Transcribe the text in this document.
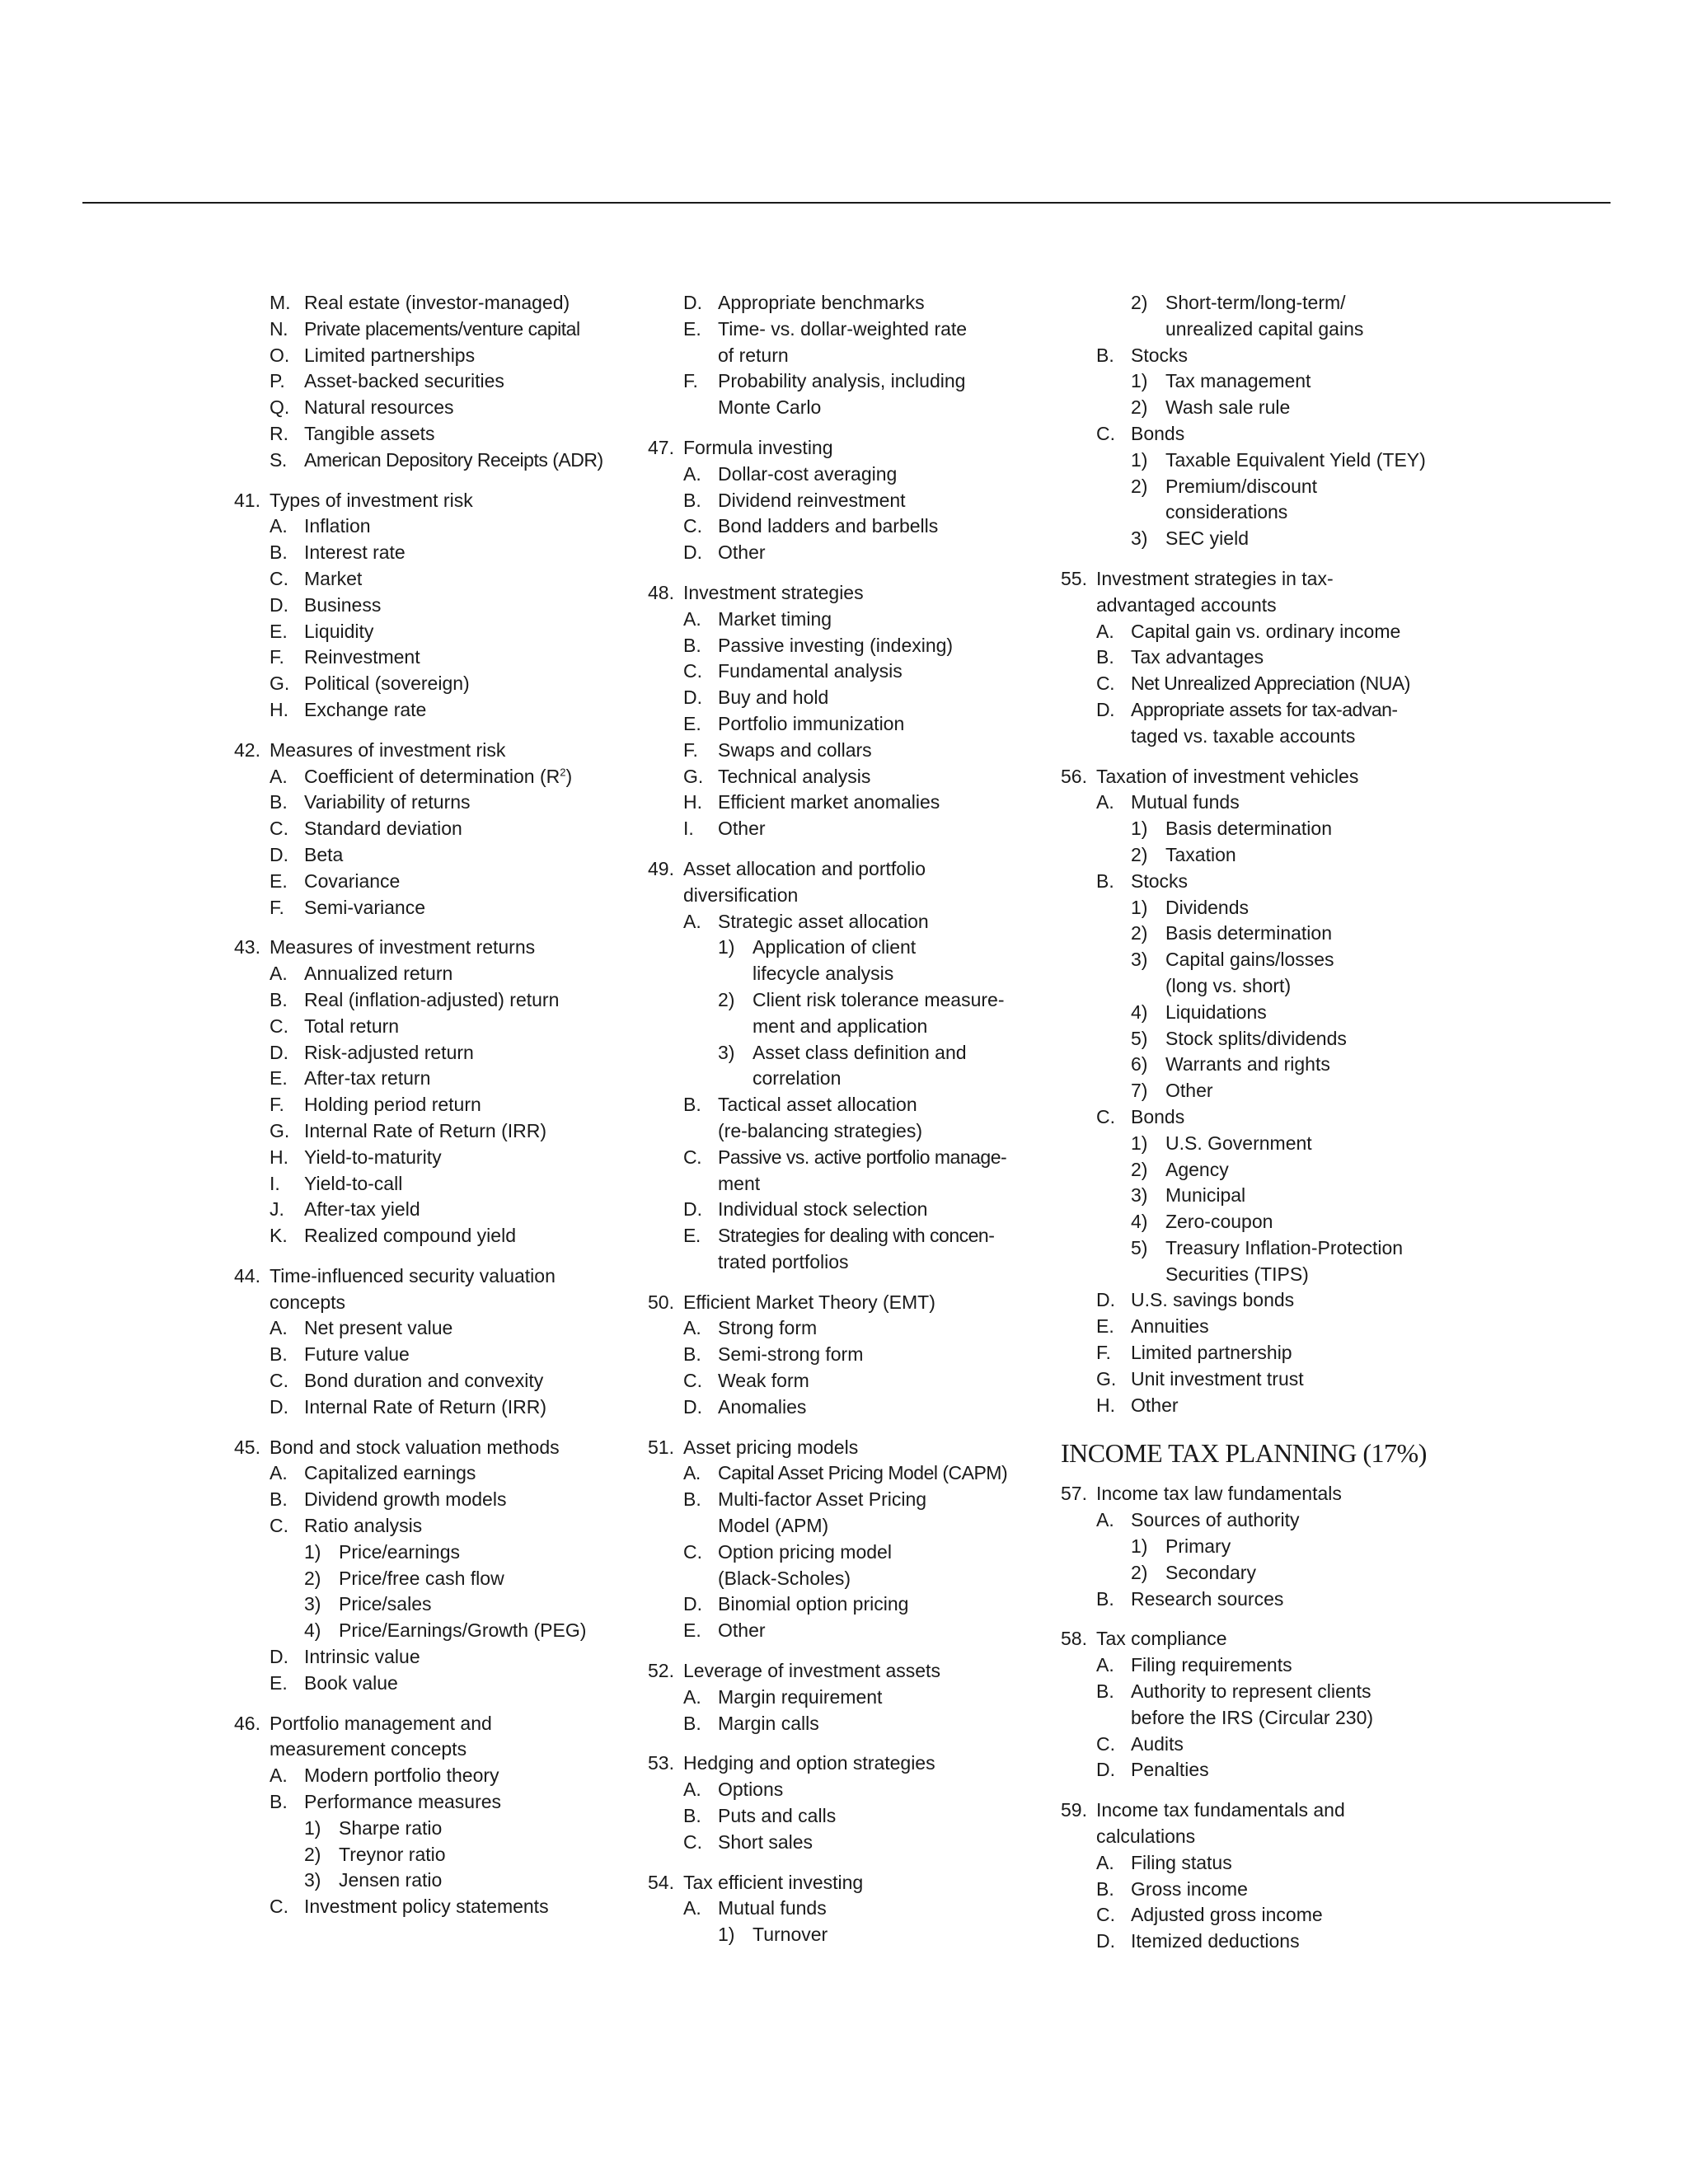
M. Real estate (investor-managed)
N. Private placements/venture capital
O. Limited partnerships
P. Asset-backed securities
Q. Natural resources
R. Tangible assets
S. American Depository Receipts (ADR)
41. Types of investment risk
A. Inflation
B. Interest rate
C. Market
D. Business
E. Liquidity
F. Reinvestment
G. Political (sovereign)
H. Exchange rate
42. Measures of investment risk
A. Coefficient of determination $(R^2)$
B. Variability of returns
C. Standard deviation
D. Beta
E. Covariance
F. Semi-variance
43. Measures of investment returns
A. Annualized return
B. Real (inflation-adjusted) return
C. Total return
D. Risk-adjusted return
E. After-tax return
F. Holding period return
G. Internal Rate of Return (IRR)
H. Yield-to-maturity
I. Yield-to-call
J. After-tax yield
K. Realized compound yield
44. Time-influenced security valuation
concepts
A. Net present value
B. Future value
C. Bond duration and convexity
D. Internal Rate of Return (IRR)
45. Bond and stock valuation methods
A. Capitalized earnings
B. Dividend growth models
C. Ratio analysis
1) Price/earnings
2) Price/free cash flow
3) Price/sales
4) Price/Earnings/Growth (PEG)
D. Intrinsic value
E. Book value
46. Portfolio management and
measurement concepts
A. Modern portfolio theory
B. Performance measures
1) Sharpe ratio
2) Treynor ratio
3) Jensen ratio
C. Investment policy statements
D. Appropriate benchmarks
E. Time- vs. dollar-weighted rate
of return
F. Probability analysis, including
Monte Carlo
47. Formula investing
A. Dollar-cost averaging
B. Dividend reinvestment
C. Bond ladders and barbells
D. Other
48. Investment strategies
A. Market timing
B. Passive investing (indexing)
C. Fundamental analysis
D. Buy and hold
E. Portfolio immunization
F. Swaps and collars
G. Technical analysis
H. Efficient market anomalies
I. Other
49. Asset allocation and portfolio
diversification
A. Strategic asset allocation
1) Application of client
lifecycle analysis
2) Client risk tolerance measure-
ment and application
3) Asset class definition and
correlation
B. Tactical asset allocation
(re-balancing strategies)
C. Passive vs. active portfolio manage-
ment
D. Individual stock selection
E. Strategies for dealing with concen-
trated portfolios
50. Efficient Market Theory (EMT)
A. Strong form
B. Semi-strong form
C. Weak form
D. Anomalies
51. Asset pricing models
A. Capital Asset Pricing Model (CAPM)
B. Multi-factor Asset Pricing
Model (APM)
C. Option pricing model
(Black-Scholes)
D. Binomial option pricing
E. Other
52. Leverage of investment assets
A. Margin requirement
B. Margin calls
53. Hedging and option strategies
A. Options
B. Puts and calls
C. Short sales
54. Tax efficient investing
A. Mutual funds
1) Turnover
2) Short-term/long-term/
unrealized capital gains
B. Stocks
1) Tax management
2) Wash sale rule
C. Bonds
1) Taxable Equivalent Yield (TEY)
2) Premium/discount
considerations
3) SEC yield
55. Investment strategies in tax-
advantaged accounts
A. Capital gain vs. ordinary income
B. Tax advantages
C. Net Unrealized Appreciation (NUA)
D. Appropriate assets for tax-advan-
taged vs. taxable accounts
56. Taxation of investment vehicles
A. Mutual funds
1) Basis determination
2) Taxation
B. Stocks
1) Dividends
2) Basis determination
3) Capital gains/losses
(long vs. short)
4) Liquidations
5) Stock splits/dividends
6) Warrants and rights
7) Other
C. Bonds
1) U.S. Government
2) Agency
3) Municipal
4) Zero-coupon
5) Treasury Inflation-Protection
Securities (TIPS)
D. U.S. savings bonds
E. Annuities
F. Limited partnership
G. Unit investment trust
H. Other
INCOME TAX PLANNING (17%)
57. Income tax law fundamentals
A. Sources of authority
1) Primary
2) Secondary
B. Research sources
58. Tax compliance
A. Filing requirements
B. Authority to represent clients
before the IRS (Circular 230)
C. Audits
D. Penalties
59. Income tax fundamentals and
calculations
A. Filing status
B. Gross income
C. Adjusted gross income
D. Itemized deductions
